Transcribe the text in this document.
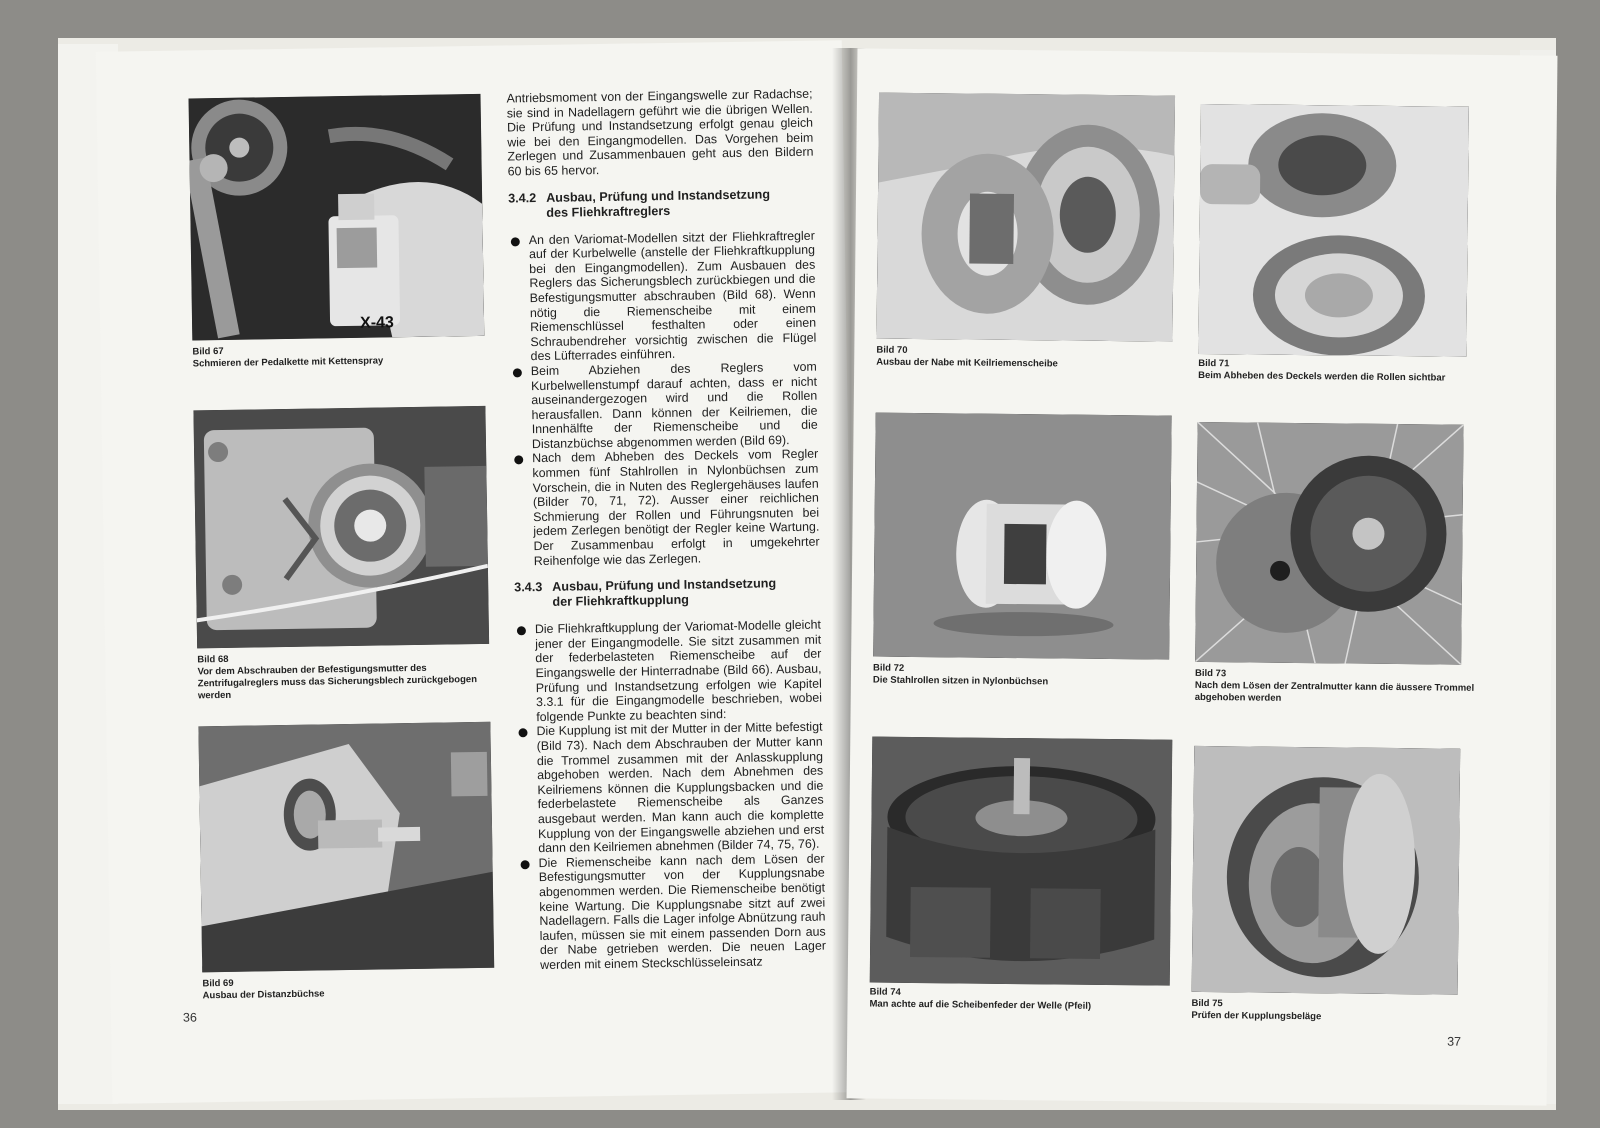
X-43
Bild 67
Schmieren der Pedalkette mit Kettenspray
Bild 68
Vor dem Abschrauben der Befestigungsmutter des Zentrifugalreglers muss das Sicherungsblech zurückgebogen werden
Bild 69
Ausbau der Distanzbüchse

Antriebsmoment von der Eingangswelle zur Radachse; sie sind in Nadellagern geführt wie die übrigen Wellen. Die Prüfung und Instandsetzung erfolgt genau gleich wie bei den Eingangmodellen. Das Vorgehen beim Zerlegen und Zusammenbauen geht aus den Bildern 60 bis 65 hervor.

3.4.2 Ausbau, Prüfung und Instandsetzung
des Fliehkraftreglers

An den Variomat-Modellen sitzt der Fliehkraftregler auf der Kurbelwelle (anstelle der Fliehkraftkupplung bei den Eingangmodellen). Zum Ausbauen des Reglers das Sicherungsblech zurückbiegen und die Befestigungsmutter abschrauben (Bild 68). Wenn nötig die Riemenscheibe mit einem Riemenschlüssel festhalten oder einen Schraubendreher vorsichtig zwischen die Flügel des Lüfterrades einführen.

Beim Abziehen des Reglers vom Kurbelwellenstumpf darauf achten, dass er nicht auseinandergezogen wird und die Rollen herausfallen. Dann können der Keilriemen, die Innenhälfte der Riemenscheibe und die Distanzbüchse abgenommen werden (Bild 69).

Nach dem Abheben des Deckels vom Regler kommen fünf Stahlrollen in Nylonbüchsen zum Vorschein, die in Nuten des Reglergehäuses laufen (Bilder 70, 71, 72). Ausser einer reichlichen Schmierung der Rollen und Führungsnuten bei jedem Zerlegen benötigt der Regler keine Wartung. Der Zusammenbau erfolgt in umgekehrter Reihenfolge wie das Zerlegen.

3.4.3 Ausbau, Prüfung und Instandsetzung
der Fliehkraftkupplung

Die Fliehkraftkupplung der Variomat-Modelle gleicht jener der Eingangmodelle. Sie sitzt zusammen mit der federbelasteten Riemenscheibe auf der Eingangswelle der Hinterradnabe (Bild 66). Ausbau, Prüfung und Instandsetzung erfolgen wie Kapitel 3.3.1 für die Eingangmodelle beschrieben, wobei folgende Punkte zu beachten sind:

Die Kupplung ist mit der Mutter in der Mitte befestigt (Bild 73). Nach dem Abschrauben der Mutter kann die Trommel zusammen mit der Anlasskupplung abgehoben werden. Nach dem Abnehmen des Keilriemens können die Kupplungsbacken und die federbelastete Riemenscheibe als Ganzes ausgebaut werden. Man kann auch die komplette Kupplung von der Eingangswelle abziehen und erst dann den Keilriemen abnehmen (Bilder 74, 75, 76).

Die Riemenscheibe kann nach dem Lösen der Befestigungsmutter von der Kupplungsnabe abgenommen werden. Die Riemenscheibe benötigt keine Wartung. Die Kupplungsnabe sitzt auf zwei Nadellagern. Falls die Lager infolge Abnützung rauh laufen, müssen sie mit einem passenden Dorn aus der Nabe getrieben werden. Die neuen Lager werden mit einem Steckschlüsseleinsatz

36
Bild 70
Ausbau der Nabe mit Keilriemenscheibe	Bild 71
Beim Abheben des Deckels werden die Rollen sichtbar
Bild 72
Die Stahlrollen sitzen in Nylonbüchsen
Bild 73
Nach dem Lösen der Zentralmutter kann die äussere Trommel abgehoben werden
Bild 74
Man achte auf die Scheibenfeder der Welle (Pfeil)	Bild 75
Prüfen der Kupplungsbeläge
37
